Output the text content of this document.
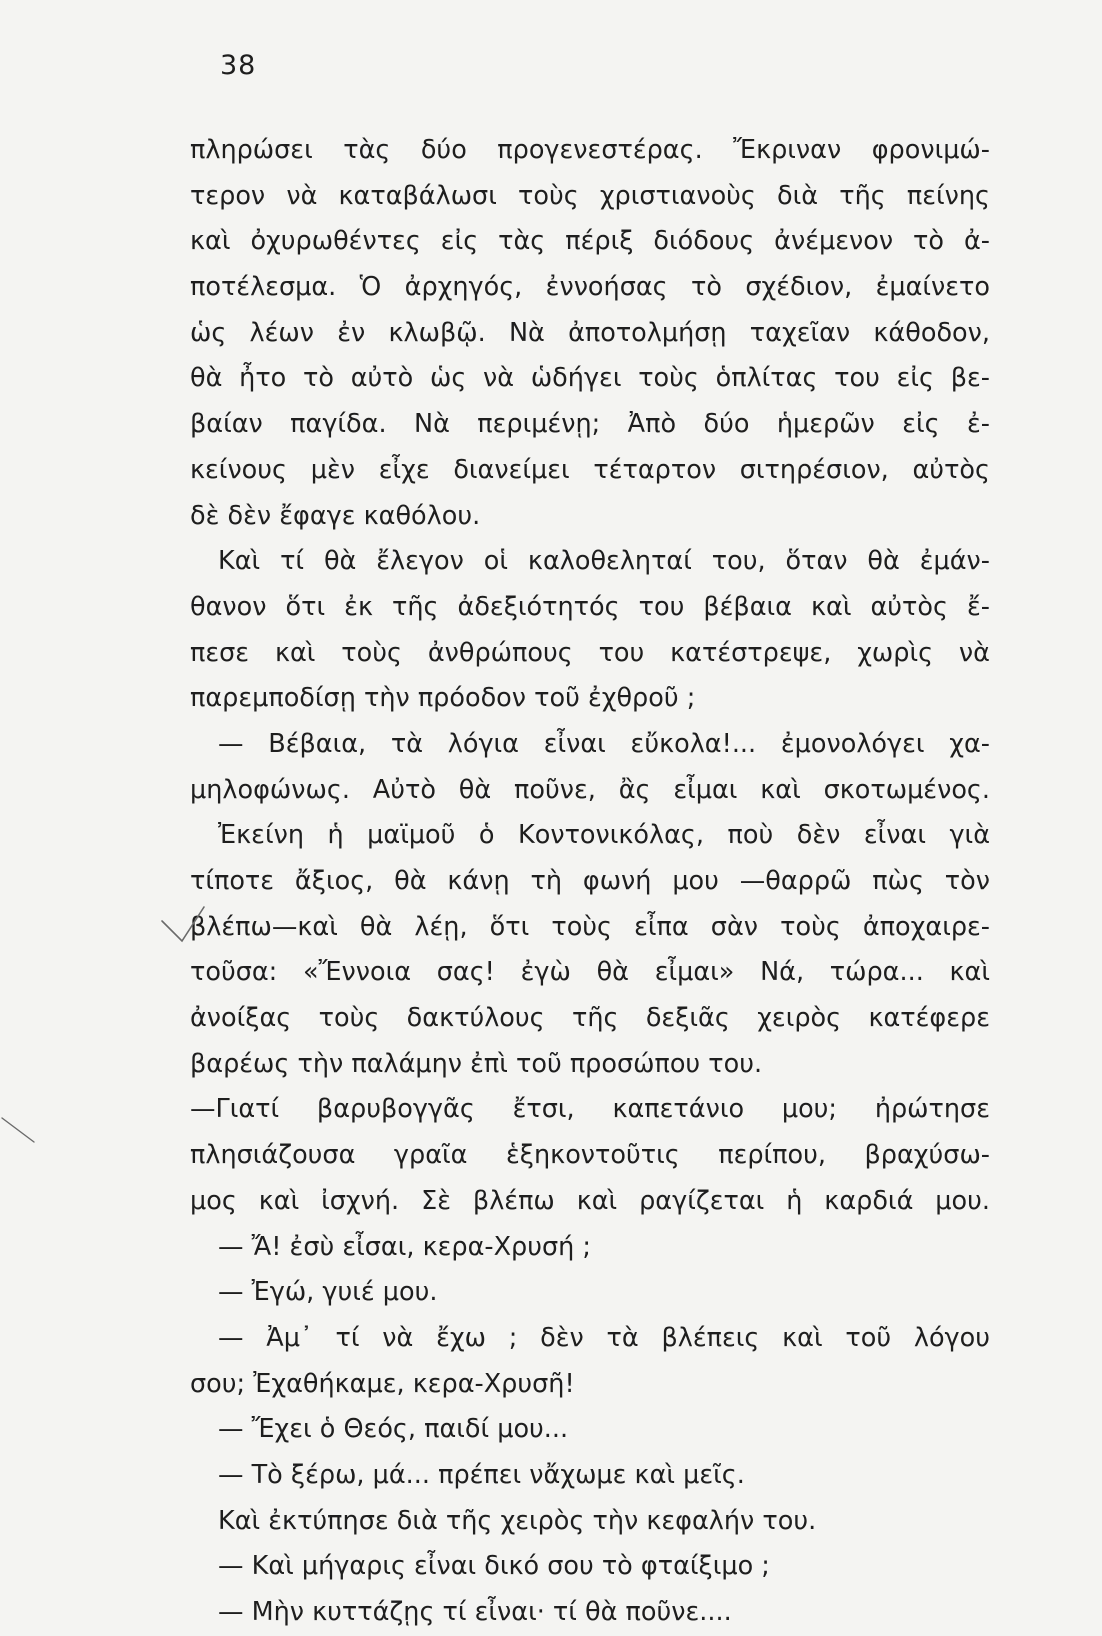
38
πληρώσει τὰς δύο προγενεστέρας. Ἔκριναν φρονιμώ-
τερον νὰ καταβάλωσι τοὺς χριστιανοὺς διὰ τῆς πείνης
καὶ ὀχυρωθέντες εἰς τὰς πέριξ διόδους ἀνέμενον τὸ ἀ-
ποτέλεσμα. Ὁ ἀρχηγός, ἐννοήσας τὸ σχέδιον, ἐμαίνετο
ὡς λέων ἐν κλωβῷ. Νὰ ἀποτολμήσῃ ταχεῖαν κάθοδον,
θὰ ἦτο τὸ αὐτὸ ὡς νὰ ὡδήγει τοὺς ὁπλίτας του εἰς βε-
βαίαν παγίδα. Νὰ περιμένῃ; Ἀπὸ δύο ἡμερῶν εἰς ἐ-
κείνους μὲν εἶχε διανείμει τέταρτον σιτηρέσιον, αὐτὸς
δὲ δὲν ἔφαγε καθόλου.
Καὶ τί θὰ ἔλεγον οἱ καλοθεληταί του, ὅταν θὰ ἐμάν-
θανον ὅτι ἐκ τῆς ἀδεξιότητός του βέβαια καὶ αὐτὸς ἔ-
πεσε καὶ τοὺς ἀνθρώπους του κατέστρεψε, χωρὶς νὰ
παρεμποδίσῃ τὴν πρόοδον τοῦ ἐχθροῦ ;
— Βέβαια, τὰ λόγια εἶναι εὔκολα!... ἐμονολόγει χα-
μηλοφώνως. Αὐτὸ θὰ ποῦνε, ἂς εἶμαι καὶ σκοτωμένος.
Ἐκείνη ἡ μαϊμοῦ ὁ Κοντονικόλας, ποὺ δὲν εἶναι γιὰ
τίποτε ἄξιος, θὰ κάνῃ τὴ φωνή μου —θαρρῶ πὼς τὸν
βλέπω—καὶ θὰ λέῃ, ὅτι τοὺς εἶπα σὰν τοὺς ἀποχαιρε-
τοῦσα: «Ἔννοια σας! ἐγὼ θὰ εἶμαι» Νά, τώρα... καὶ
ἀνοίξας τοὺς δακτύλους τῆς δεξιᾶς χειρὸς κατέφερε
βαρέως τὴν παλάμην ἐπὶ τοῦ προσώπου του.
—Γιατί βαρυβογγᾶς ἔτσι, καπετάνιο μου; ἠρώτησε
πλησιάζουσα γραῖα ἑξηκοντοῦτις περίπου, βραχύσω-
μος καὶ ἰσχνή. Σὲ βλέπω καὶ ραγίζεται ἡ καρδιά μου.
— Ἄ! ἐσὺ εἶσαι, κερα-Χρυσή ;
— Ἐγώ, γυιέ μου.
— Ἀμ᾽ τί νὰ ἔχω ; δὲν τὰ βλέπεις καὶ τοῦ λόγου
σου; Ἐχαθήκαμε, κερα-Χρυσῆ!
— Ἔχει ὁ Θεός, παιδί μου...
— Τὸ ξέρω, μά... πρέπει νἄχωμε καὶ μεῖς.
Καὶ ἐκτύπησε διὰ τῆς χειρὸς τὴν κεφαλήν του.
— Καὶ μήγαρις εἶναι δικό σου τὸ φταίξιμο ;
— Μὴν κυττάζῃς τί εἶναι· τί θὰ ποῦνε....
